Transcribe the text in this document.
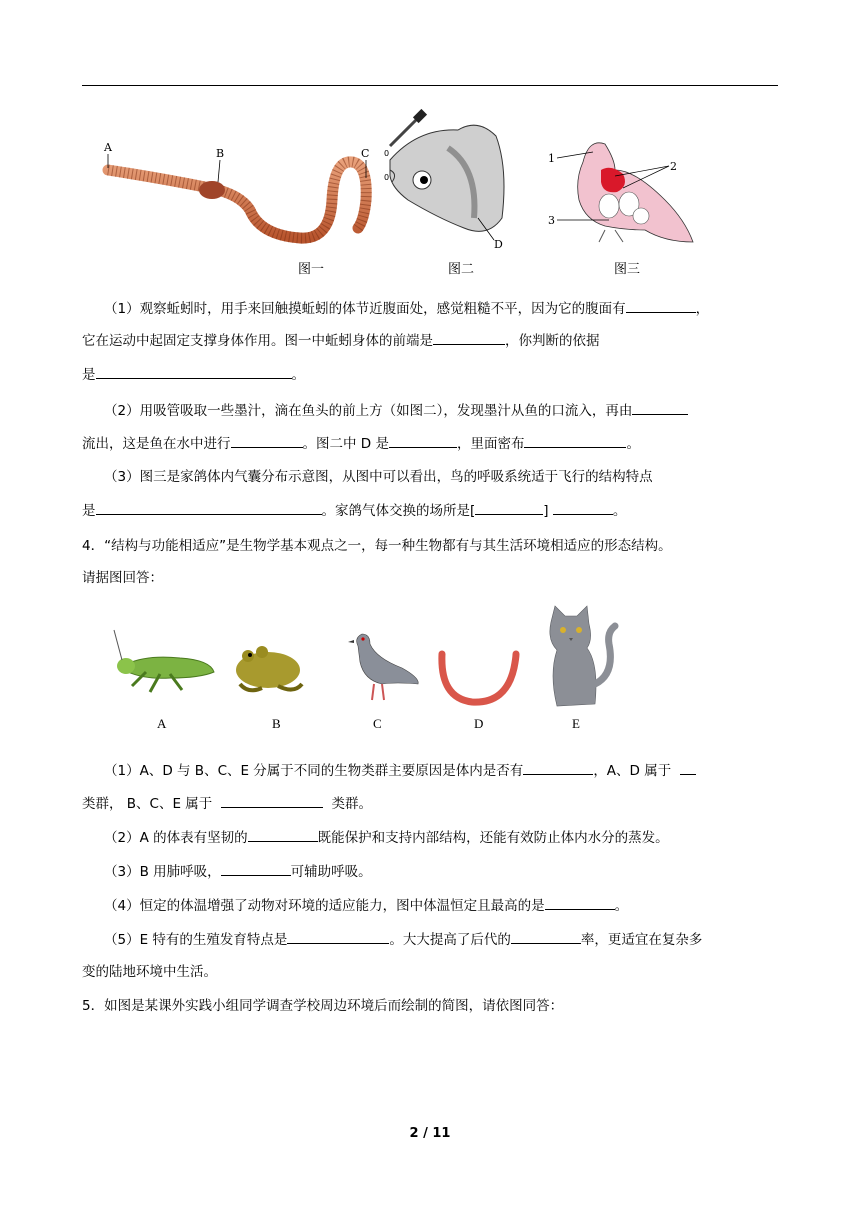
A	B	C
图一
0
0
D
图二
1
2
3
图三
（1）观察蚯蚓时，用手来回触摸蚯蚓的体节近腹面处，感觉粗糙不平，因为它的腹面有	，
它在运动中起固定支撑身体作用。图一中蚯蚓身体的前端是	，你判断的依据
是	。
（2）用吸管吸取一些墨汁，滴在鱼头的前上方（如图二），发现墨汁从鱼的口流入，再由
流出，这是鱼在水中进行	。图二中 D 是	，里面密布	。
（3）图三是家鸽体内气囊分布示意图，从图中可以看出，鸟的呼吸系统适于飞行的结构特点
是	。家鸽气体交换的场所是[	]	。
4．“结构与功能相适应”是生物学基本观点之一，每一种生物都有与其生活环境相适应的形态结构。
请据图回答：
A	B	C	D	E
（1）A、D 与 B、C、E 分属于不同的生物类群主要原因是体内是否有	，A、D 属于
类群， B、C、E 属于	类群。
（2）A 的体表有坚韧的	既能保护和支持内部结构，还能有效防止体内水分的蒸发。
（3）B 用肺呼吸，	可辅助呼吸。
（4）恒定的体温增强了动物对环境的适应能力，图中体温恒定且最高的是	。
（5）E 特有的生殖发育特点是	。大大提高了后代的	率，更适宜在复杂多
变的陆地环境中生活。
5．如图是某课外实践小组同学调查学校周边环境后而绘制的简图，请依图同答：
2 / 11
